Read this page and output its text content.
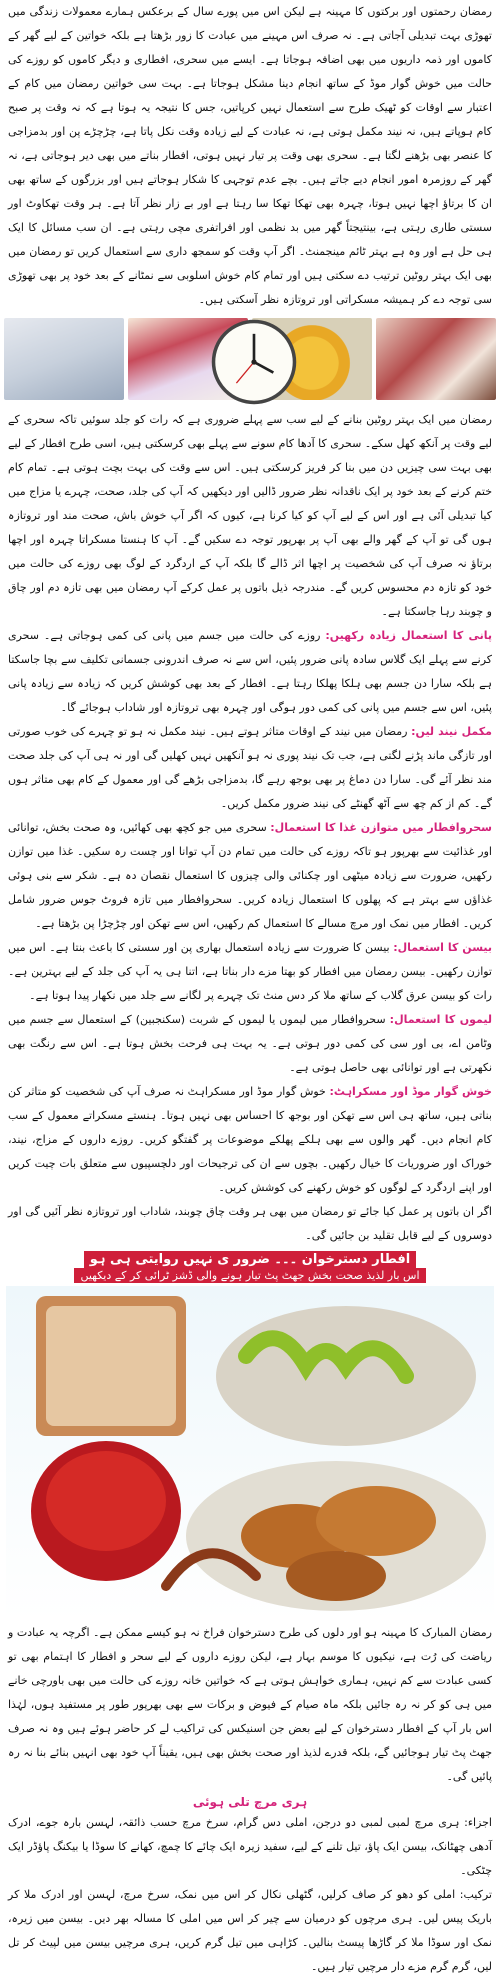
رمضان رحمتوں اور برکتوں کا مہینہ ہے لیکن اس میں پورے سال کے برعکس ہمارے معمولات زندگی میں تھوڑی بہت تبدیلی آجاتی ہے۔ نہ صرف اس مہینے میں عبادت کا زور بڑھتا ہے بلکہ خواتین کے لیے گھر کے کاموں اور ذمہ داریوں میں بھی اضافہ ہوجاتا ہے۔ ایسے میں سحری، افطاری و دیگر کاموں کو روزے کی حالت میں خوش گوار موڈ کے ساتھ انجام دینا مشکل ہوجاتا ہے۔ بہت سی خواتین رمضان میں کام کے اعتبار سے اوقات کو ٹھیک طرح سے استعمال نہیں کرپاتیں، جس کا نتیجہ یہ ہوتا ہے کہ نہ وقت پر صبح کام ہوپاتے ہیں، نہ نیند مکمل ہوتی ہے، نہ عبادت کے لیے زیادہ وقت نکل پاتا ہے، چڑچڑے پن اور بدمزاجی کا عنصر بھی بڑھنے لگتا ہے۔ سحری بھی وقت پر تیار نہیں ہوتی، افطار بناتے میں بھی دیر ہوجاتی ہے، نہ گھر کے روزمرہ امور انجام دیے جاتے ہیں۔ بچے عدم توجہی کا شکار ہوجاتے ہیں اور بزرگوں کے ساتھ بھی ان کا برتاؤ اچھا نہیں ہوتا، چہرہ بھی تھکا تھکا سا رہتا ہے اور بے زار نظر آتا ہے۔ ہر وقت تھکاوٹ اور سستی طاری رہتی ہے، بینتیجتاً گھر میں بد نظمی اور افراتفری مچی رہتی ہے۔ ان سب مسائل کا ایک ہی حل ہے اور وہ ہے بہتر ٹائم مینجمنٹ۔ اگر آپ وقت کو سمجھ داری سے استعمال کریں تو رمضان میں بھی ایک بہتر روٹین ترتیب دے سکتی ہیں اور تمام کام خوش اسلوبی سے نمٹانے کے بعد خود پر بھی تھوڑی سی توجہ دے کر ہمیشہ مسکراتی اور تروتازہ نظر آسکتی ہیں۔

رمضان میں ایک بہتر روٹین بنانے کے لیے سب سے پہلے ضروری ہے کہ رات کو جلد سوئیں تاکہ سحری کے لیے وقت پر آنکھ کھل سکے۔ سحری کا آدھا کام سونے سے پہلے بھی کرسکتی ہیں، اسی طرح افطار کے لیے بھی بہت سی چیزیں دن میں بنا کر فریز کرسکتی ہیں۔ اس سے وقت کی بہت بچت ہوتی ہے۔ تمام کام ختم کرنے کے بعد خود پر ایک ناقدانہ نظر ضرور ڈالیں اور دیکھیں کہ آپ کی جلد، صحت، چہرے یا مزاج میں کیا تبدیلی آئی ہے اور اس کے لیے آپ کو کیا کرنا ہے، کیوں کہ اگر آپ خوش باش، صحت مند اور تروتازہ ہوں گی تو آپ کے گھر والے بھی آپ پر بھرپور توجہ دے سکیں گے۔ آپ کا ہنستا مسکراتا چہرہ اور اچھا برتاؤ نہ صرف آپ کی شخصیت پر اچھا اثر ڈالے گا بلکہ آپ کے اردگرد کے لوگ بھی روزے کی حالت میں خود کو تازہ دم محسوس کریں گے۔ مندرجہ ذیل باتوں پر عمل کرکے آپ رمضان میں بھی تازہ دم اور چاق و چوبند رہا جاسکتا ہے۔

پانی کا استعمال زیادہ رکھیں: روزے کی حالت میں جسم میں پانی کی کمی ہوجاتی ہے۔ سحری کرنے سے پہلے ایک گلاس سادہ پانی ضرور پئیں، اس سے نہ صرف اندرونی جسمانی تکلیف سے بچا جاسکتا ہے بلکہ سارا دن جسم بھی ہلکا پھلکا رہتا ہے۔ افطار کے بعد بھی کوشش کریں کہ زیادہ سے زیادہ پانی پئیں، اس سے جسم میں پانی کی کمی دور ہوگی اور چہرہ بھی تروتازہ اور شاداب ہوجائے گا۔

مکمل نیند لیں: رمضان میں نیند کے اوقات متاثر ہوتے ہیں۔ نیند مکمل نہ ہو تو چہرے کی خوب صورتی اور تازگی ماند پڑنے لگتی ہے، جب تک نیند پوری نہ ہو آنکھیں نہیں کھلیں گی اور نہ ہی آپ کی جلد صحت مند نظر آئے گی۔ سارا دن دماغ پر بھی بوجھ رہے گا، بدمزاجی بڑھے گی اور معمول کے کام بھی متاثر ہوں گے۔ کم از کم چھ سے آٹھ گھنٹے کی نیند ضرور مکمل کریں۔

سحروافطار میں متوازن غذا کا استعمال: سحری میں جو کچھ بھی کھائیں، وہ صحت بخش، توانائی اور غذائیت سے بھرپور ہو تاکہ روزے کی حالت میں تمام دن آپ توانا اور چست رہ سکیں۔ غذا میں توازن رکھیں، ضرورت سے زیادہ میٹھی اور چکنائی والی چیزوں کا استعمال نقصان دہ ہے۔ شکر سے بنی ہوئی غذاؤں سے بہتر ہے کہ پھلوں کا استعمال زیادہ کریں۔ سحروافطار میں تازہ فروٹ جوس ضرور شامل کریں۔ افطار میں نمک اور مرچ مسالے کا استعمال کم رکھیں، اس سے تھکن اور چڑچڑا پن بڑھتا ہے۔

بیسن کا استعمال: بیسن کا ضرورت سے زیادہ استعمال بھاری پن اور سستی کا باعث بنتا ہے۔ اس میں توازن رکھیں۔ بیسن رمضان میں افطار کو بھتا مزے دار بناتا ہے، اتنا ہی یہ آپ کی جلد کے لیے بہترین ہے۔ رات کو بیسن عرق گلاب کے ساتھ ملا کر دس منٹ تک چہرے پر لگانے سے جلد میں نکھار پیدا ہوتا ہے۔

لیموں کا استعمال: سحروافطار میں لیموں یا لیموں کے شربت (سکنجبین) کے استعمال سے جسم میں وٹامن اے، بی اور سی کی کمی دور ہوتی ہے۔ یہ بہت ہی فرحت بخش ہوتا ہے۔ اس سے رنگت بھی نکھرتی ہے اور توانائی بھی حاصل ہوتی ہے۔

خوش گوار موڈ اور مسکراہٹ: خوش گوار موڈ اور مسکراہٹ نہ صرف آپ کی شخصیت کو متاثر کن بناتی ہیں، ساتھ ہی اس سے تھکن اور بوجھ کا احساس بھی نہیں ہوتا۔ ہنستے مسکراتے معمول کے سب کام انجام دیں۔ گھر والوں سے بھی ہلکے پھلکے موضوعات پر گفتگو کریں۔ روزے داروں کے مزاج، نیند، خوراک اور ضروریات کا خیال رکھیں۔ بچوں سے ان کی ترجیحات اور دلچسپیوں سے متعلق بات چیت کریں اور اپنے اردگرد کے لوگوں کو خوش رکھنے کی کوشش کریں۔

اگر ان باتوں پر عمل کیا جائے تو رمضان میں بھی ہر وقت چاق چوبند، شاداب اور تروتازہ نظر آئیں گی اور دوسروں کے لیے قابل تقلید بن جائیں گی۔

افطار دسترخوان ۔۔۔ ضرور ی نہیں روایتی ہی ہو
اس بار لذیذ صحت بخش جھٹ پٹ تیار ہونے والی ڈشز ٹرائی کر کے دیکھیں

رمضان المبارک کا مہینہ ہو اور دلوں کی طرح دسترخوان فراخ نہ ہو کیسے ممکن ہے۔ اگرچہ یہ عبادت و ریاضت کی رُت ہے، نیکیوں کا موسم بہار ہے، لیکن روزے داروں کے لیے سحر و افطار کا اہتمام بھی تو کسی عبادت سے کم نہیں، ہماری خواہش ہوتی ہے کہ خواتین خانہ روزے کی حالت میں بھی باورچی خانے میں ہی کو کر نہ رہ جائیں بلکہ ماہ صیام کے فیوض و برکات سے بھی بھرپور طور پر مستفید ہوں، لہٰذا اس بار آپ کے افطار دسترخوان کے لیے بعض جن اسنیکس کی تراکیب لے کر حاضر ہوئے ہیں وہ نہ صرف جھٹ پٹ تیار ہوجائیں گے، بلکہ قدرے لذیذ اور صحت بخش بھی ہیں، یقیناً آپ خود بھی انہیں بنائے بنا نہ رہ پائیں گی۔

ہری مرچ تلی ہوئی

اجزاء: ہری مرچ لمبی لمبی دو درجن، املی دس گرام، سرخ مرچ حسب ذائقہ، لہسن بارہ جوے، ادرک آدھی چھٹانک، بیسن ایک پاؤ، تیل تلنے کے لیے، سفید زیرہ ایک چائے کا چمچ، کھانے کا سوڈا یا بیکنگ پاؤڈر ایک چٹکی۔

ترکیب: املی کو دھو کر صاف کرلیں، گٹھلی نکال کر اس میں نمک، سرخ مرچ، لہسن اور ادرک ملا کر باریک پیس لیں۔ ہری مرچوں کو درمیان سے چیر کر اس میں املی کا مسالہ بھر دیں۔ بیسن میں زیرہ، نمک اور سوڈا ملا کر گاڑھا پیسٹ بنالیں۔ کڑاہی میں تیل گرم کریں، ہری مرچیں بیسن میں لپیٹ کر تل لیں، گرم گرم مزے دار مرچیں تیار ہیں۔
